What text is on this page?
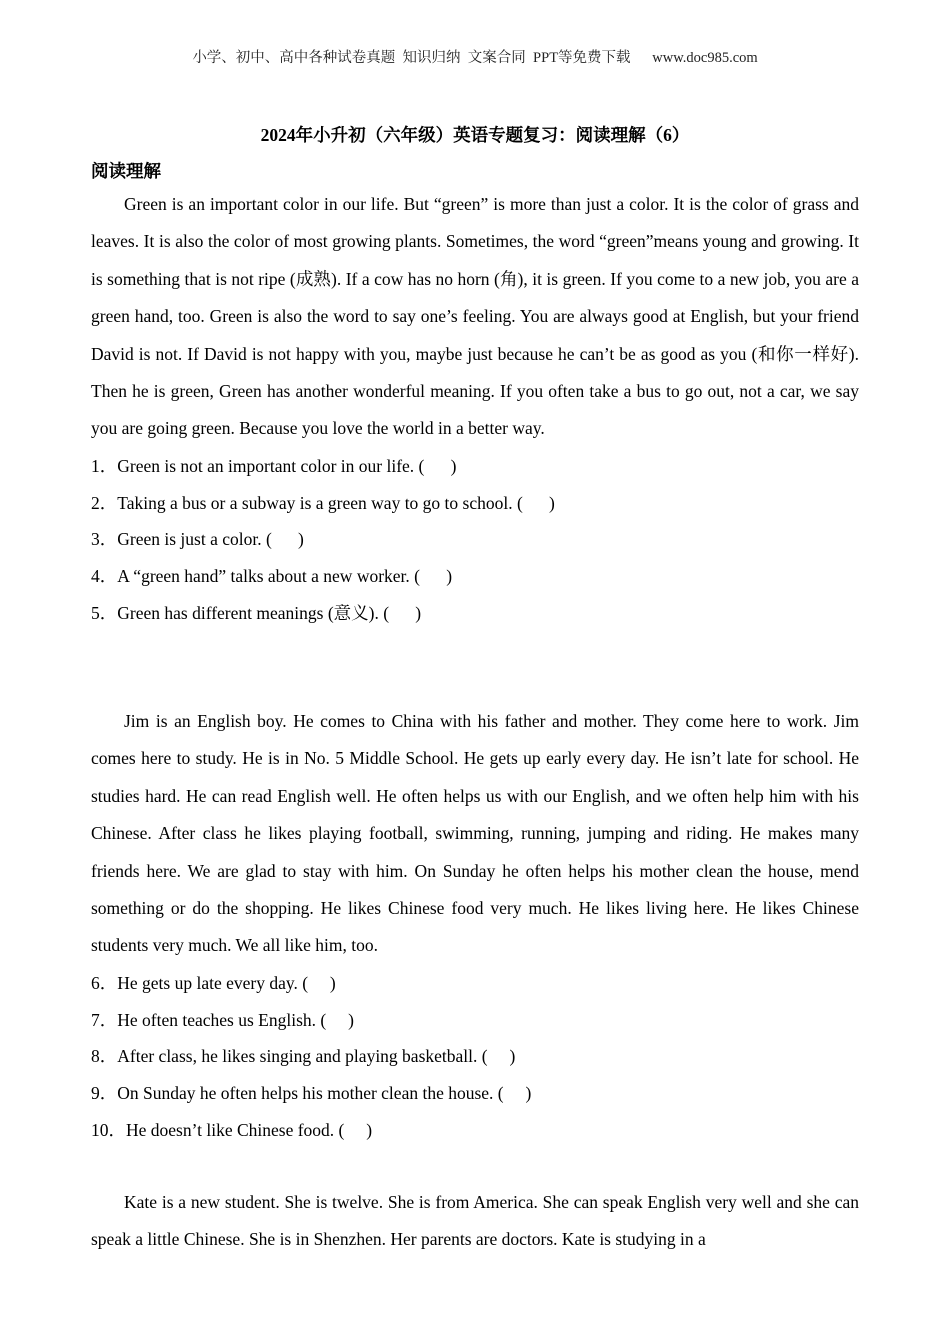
小学、初中、高中各种试卷真题  知识归纳  文案合同  PPT等免费下载      www.doc985.com
2024年小升初（六年级）英语专题复习：阅读理解（6）
阅读理解

Green is an important color in our life. But “green” is more than just a color. It is the color of grass and leaves. It is also the color of most growing plants. Sometimes, the word “green”means young and growing. It is something that is not ripe (成熟). If a cow has no horn (角), it is green. If you come to a new job, you are a green hand, too. Green is also the word to say one’s feeling. You are always good at English, but your friend David is not. If David is not happy with you, maybe just because he can’t be as good as you (和你一样好). Then he is green, Green has another wonderful meaning. If you often take a bus to go out, not a car, we say you are going green. Because you love the world in a better way.

1．Green is not an important color in our life. (      )
2．Taking a bus or a subway is a green way to go to school. (      )
3．Green is just a color. (      )
4．A “green hand” talks about a new worker. (      )
5．Green has different meanings (意义). (      )

Jim is an English boy. He comes to China with his father and mother. They come here to work. Jim comes here to study. He is in No. 5 Middle School. He gets up early every day. He isn’t late for school. He studies hard. He can read English well. He often helps us with our English, and we often help him with his Chinese. After class he likes playing football, swimming, running, jumping and riding. He makes many friends here. We are glad to stay with him. On Sunday he often helps his mother clean the house, mend something or do the shopping. He likes Chinese food very much. He likes living here. He likes Chinese students very much. We all like him, too.

6．He gets up late every day. (     )
7．He often teaches us English. (     )
8．After class, he likes singing and playing basketball. (     )
9．On Sunday he often helps his mother clean the house. (     )
10．He doesn’t like Chinese food. (     )

Kate is a new student. She is twelve. She is from America. She can speak English very well and she can speak a little Chinese. She is in Shenzhen. Her parents are doctors. Kate is studying in a
